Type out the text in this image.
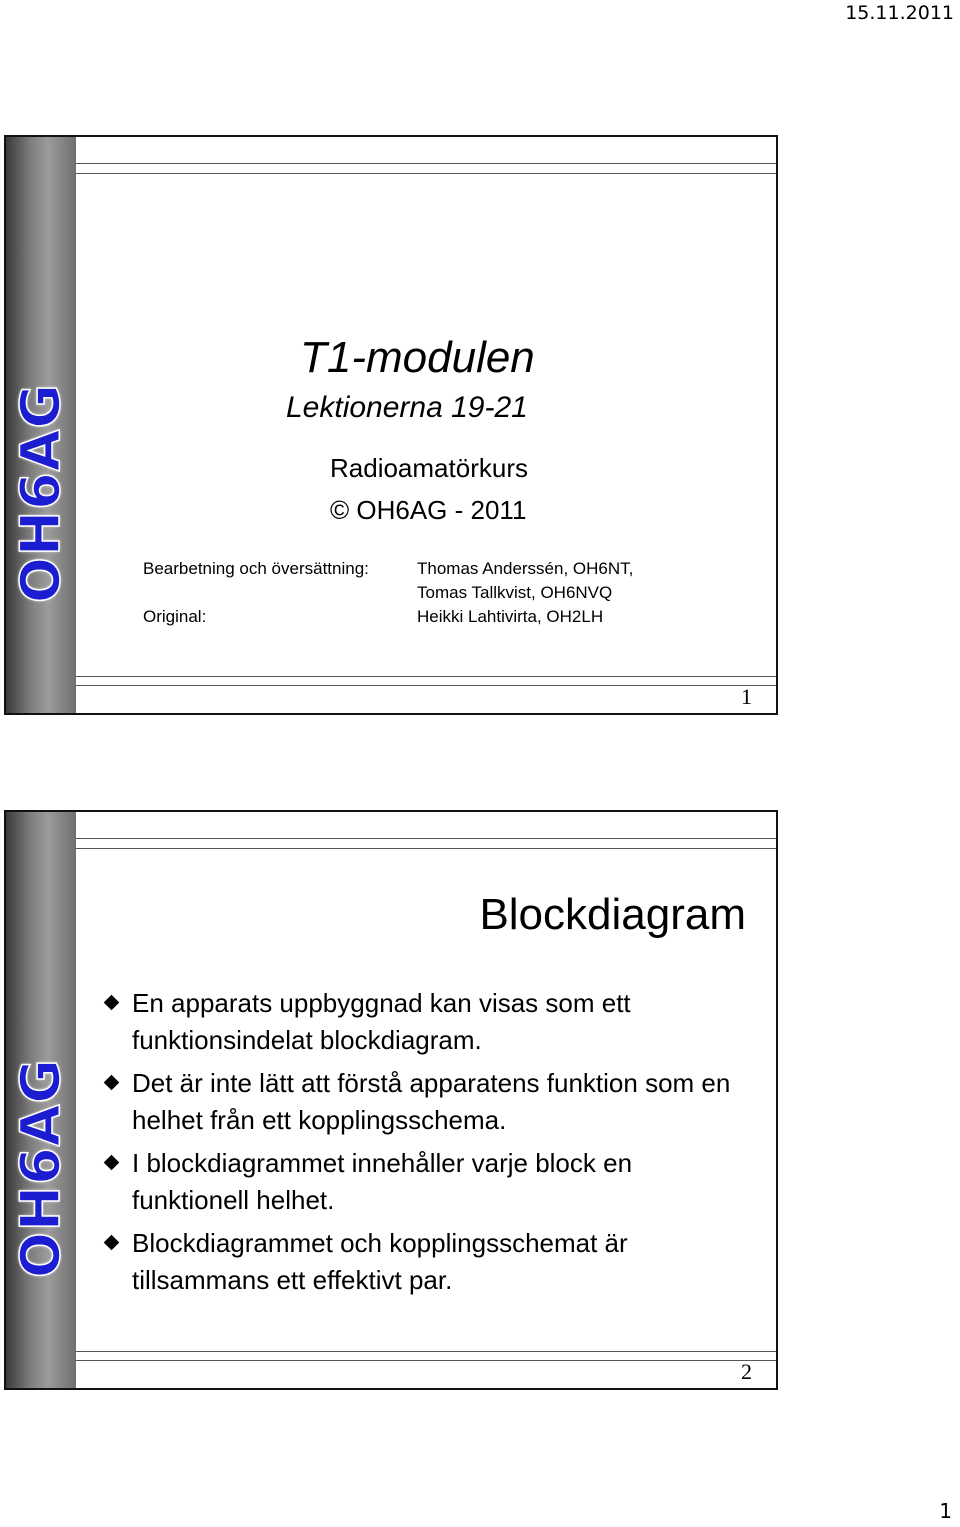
15.11.2011
OH6AG
T1-modulen
Lektionerna 19-21
Radioamatörkurs
© OH6AG - 2011
Bearbetning och översättning:
Original:
Thomas Anderssén, OH6NT,
Tomas Tallkvist, OH6NVQ
Heikki Lahtivirta, OH2LH
1
OH6AG
Blockdiagram
En apparats uppbyggnad kan visas som ett funktionsindelat blockdiagram.
Det är inte lätt att förstå apparatens funktion som en helhet från ett kopplingsschema.
I blockdiagrammet innehåller varje block en funktionell helhet.
Blockdiagrammet och kopplingsschemat är tillsammans ett effektivt par.
2
1
